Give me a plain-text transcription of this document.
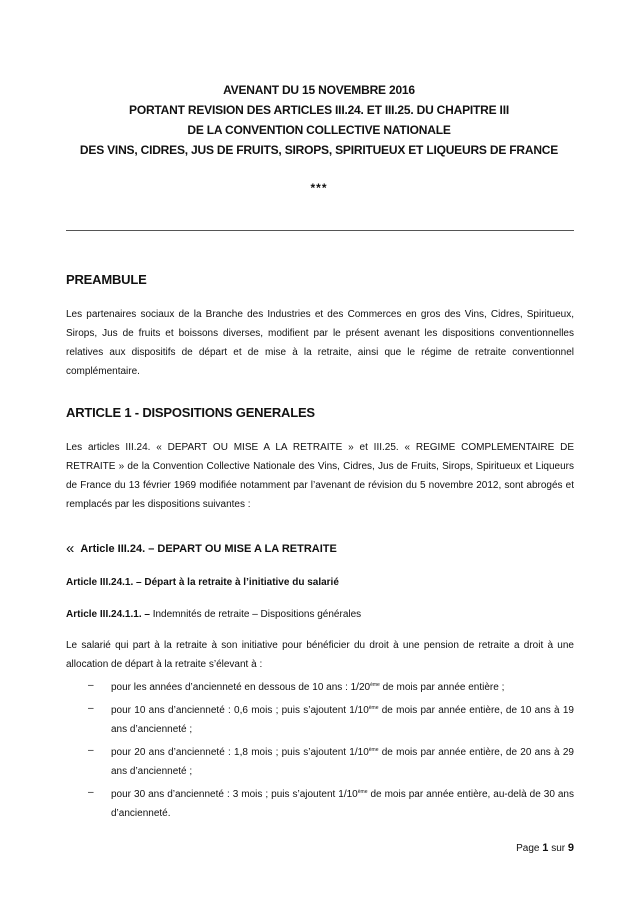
AVENANT DU 15 NOVEMBRE 2016
PORTANT REVISION DES ARTICLES III.24. ET III.25. DU CHAPITRE III
DE LA CONVENTION COLLECTIVE NATIONALE
DES VINS, CIDRES, JUS DE FRUITS, SIROPS, SPIRITUEUX ET LIQUEURS DE FRANCE
***
PREAMBULE
Les partenaires sociaux de la Branche des Industries et des Commerces en gros des Vins, Cidres, Spiritueux, Sirops, Jus de fruits et boissons diverses, modifient par le présent avenant les dispositions conventionnelles relatives aux dispositifs de départ et de mise à la retraite, ainsi que le régime de retraite conventionnel complémentaire.
ARTICLE 1 - DISPOSITIONS GENERALES
Les articles III.24. « DEPART OU MISE A LA RETRAITE » et III.25. « REGIME COMPLEMENTAIRE DE RETRAITE » de la Convention Collective Nationale des Vins, Cidres, Jus de Fruits, Sirops, Spiritueux et Liqueurs de France du 13 février 1969 modifiée notamment par l’avenant de révision du 5 novembre 2012, sont abrogés et remplacés par les dispositions suivantes :
« Article III.24. – DEPART OU MISE A LA RETRAITE
Article III.24.1. – Départ à la retraite à l’initiative du salarié
Article III.24.1.1. – Indemnités de retraite – Dispositions générales
Le salarié qui part à la retraite à son initiative pour bénéficier du droit à une pension de retraite a droit à une allocation de départ à la retraite s’élevant à :
– pour les années d’ancienneté en dessous de 10 ans : 1/20ème de mois par année entière ;
– pour 10 ans d’ancienneté : 0,6 mois ; puis s’ajoutent 1/10ème de mois par année entière, de 10 ans à 19 ans d’ancienneté ;
– pour 20 ans d’ancienneté : 1,8 mois ; puis s’ajoutent 1/10ème de mois par année entière, de 20 ans à 29 ans d’ancienneté ;
– pour 30 ans d’ancienneté : 3 mois ; puis s’ajoutent 1/10ème de mois par année entière, au-delà de 30 ans d’ancienneté.
Page 1 sur 9
